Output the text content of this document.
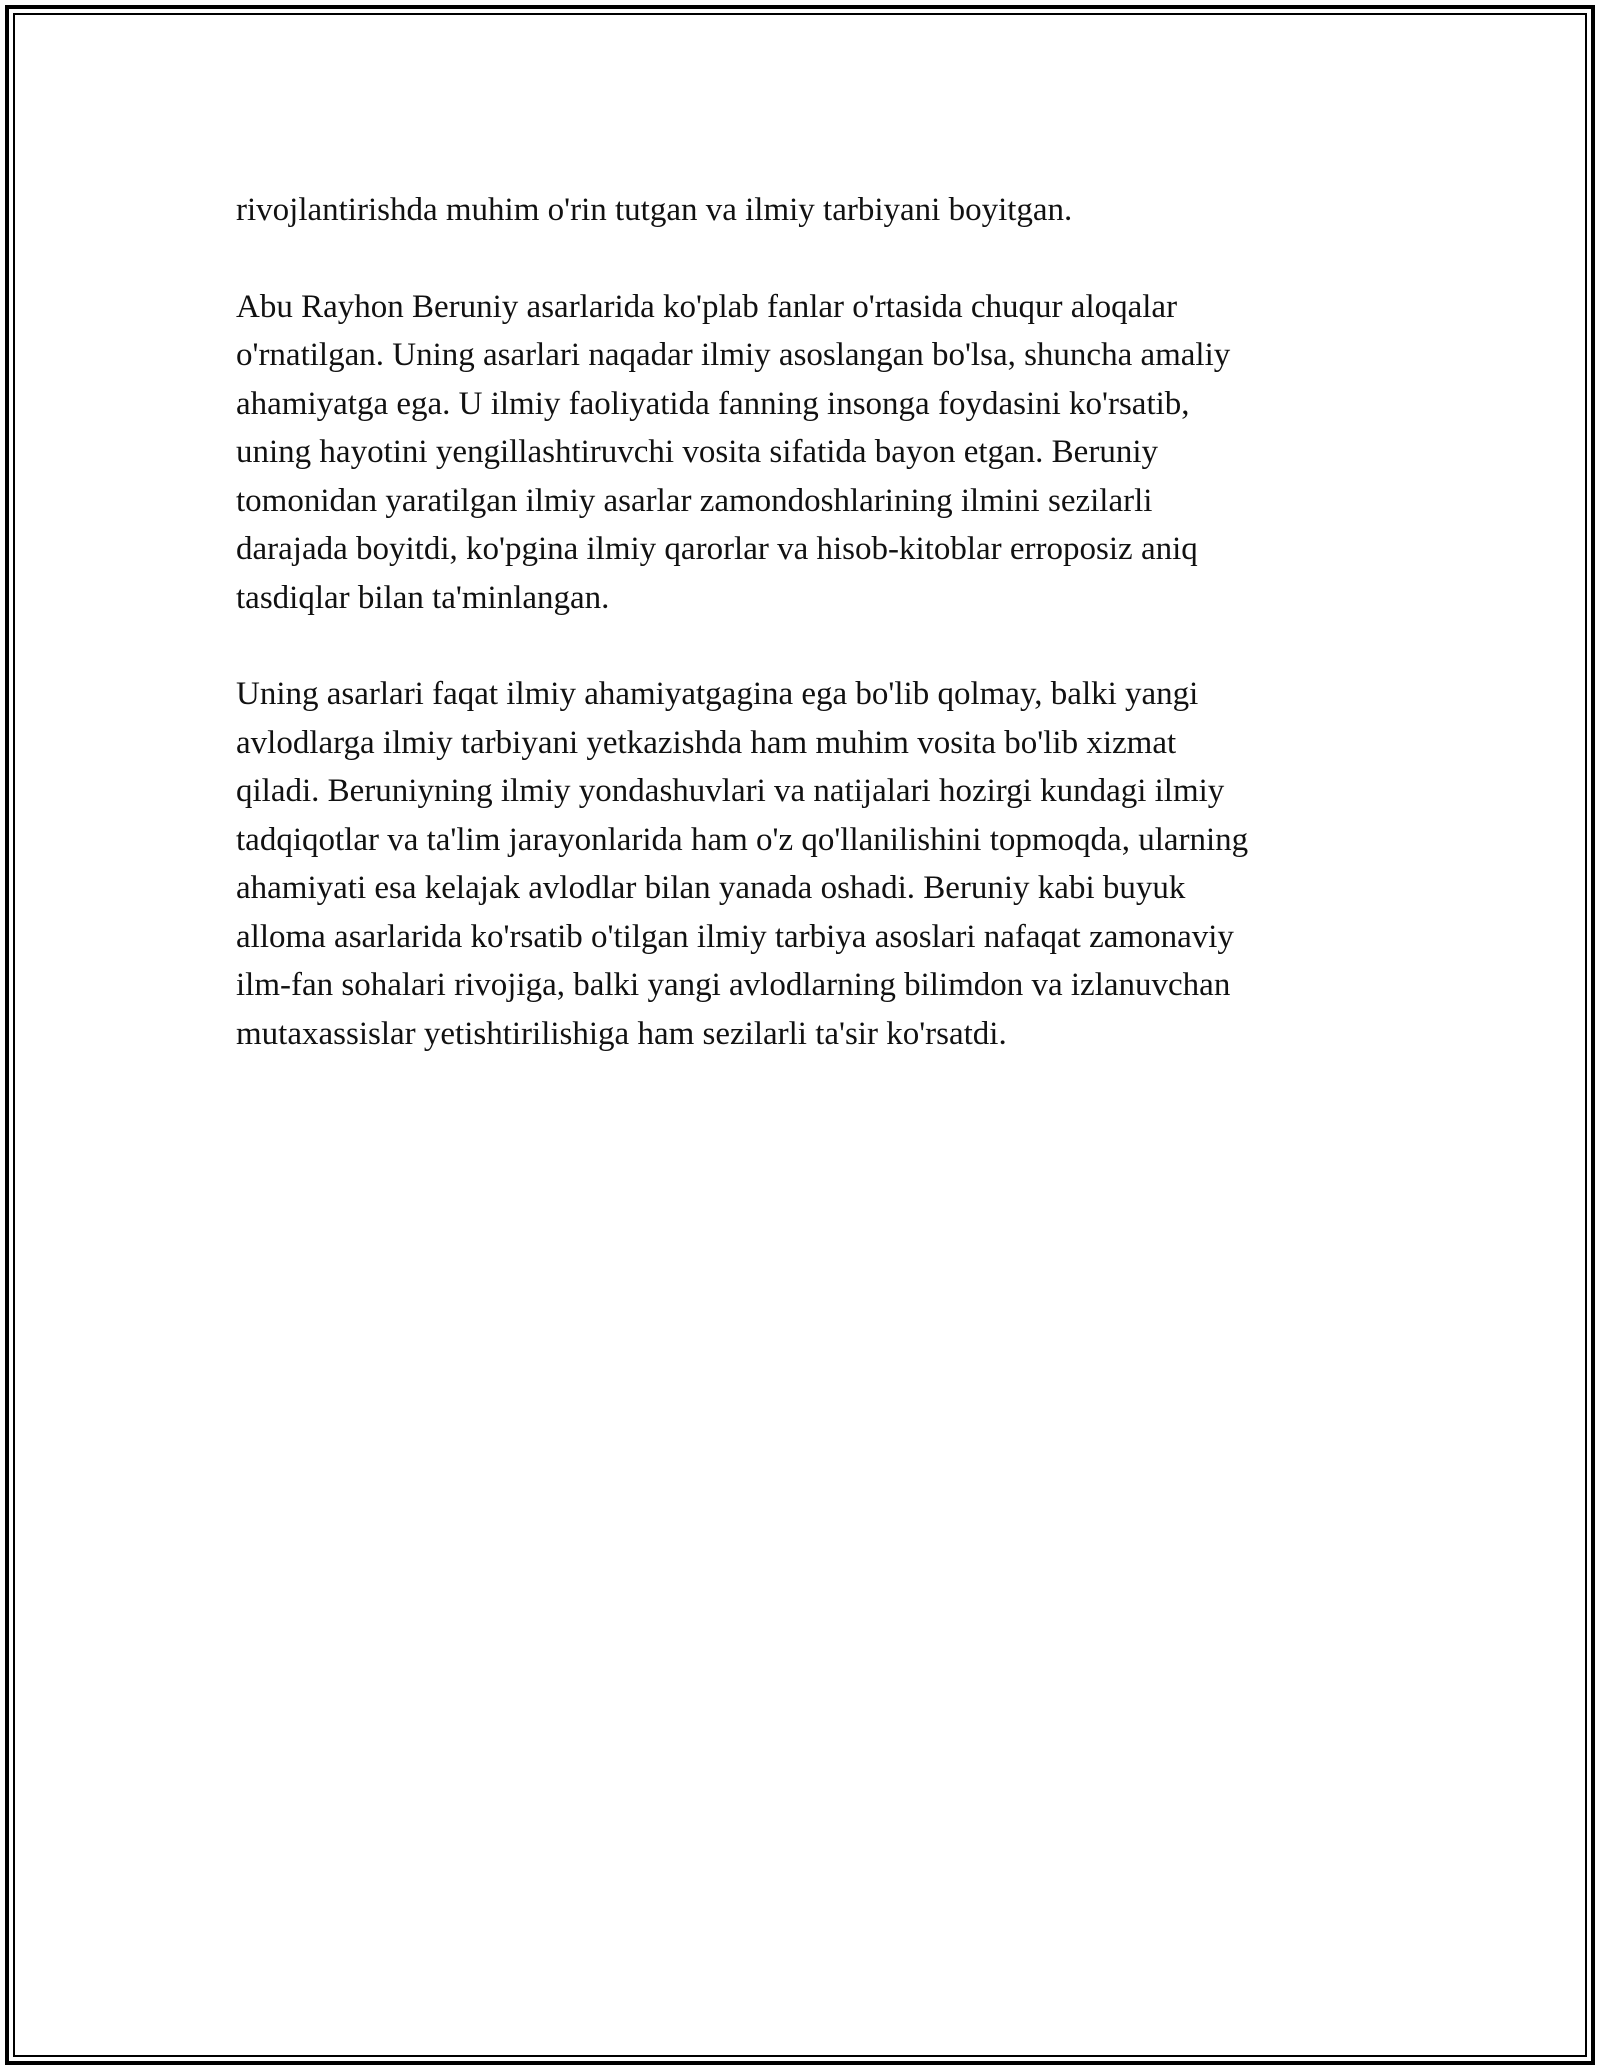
rivojlantirishda muhim o'rin tutgan va ilmiy tarbiyani boyitgan.

Abu Rayhon Beruniy asarlarida ko'plab fanlar o'rtasida chuqur aloqalar
o'rnatilgan. Uning asarlari naqadar ilmiy asoslangan bo'lsa, shuncha amaliy
ahamiyatga ega. U ilmiy faoliyatida fanning insonga foydasini ko'rsatib,
uning hayotini yengillashtiruvchi vosita sifatida bayon etgan. Beruniy
tomonidan yaratilgan ilmiy asarlar zamondoshlarining ilmini sezilarli
darajada boyitdi, ko'pgina ilmiy qarorlar va hisob-kitoblar erroposiz aniq
tasdiqlar bilan ta'minlangan.

Uning asarlari faqat ilmiy ahamiyatgagina ega bo'lib qolmay, balki yangi
avlodlarga ilmiy tarbiyani yetkazishda ham muhim vosita bo'lib xizmat
qiladi. Beruniyning ilmiy yondashuvlari va natijalari hozirgi kundagi ilmiy
tadqiqotlar va ta'lim jarayonlarida ham o'z qo'llanilishini topmoqda, ularning
ahamiyati esa kelajak avlodlar bilan yanada oshadi. Beruniy kabi buyuk
alloma asarlarida ko'rsatib o'tilgan ilmiy tarbiya asoslari nafaqat zamonaviy
ilm-fan sohalari rivojiga, balki yangi avlodlarning bilimdon va izlanuvchan
mutaxassislar yetishtirilishiga ham sezilarli ta'sir ko'rsatdi.
